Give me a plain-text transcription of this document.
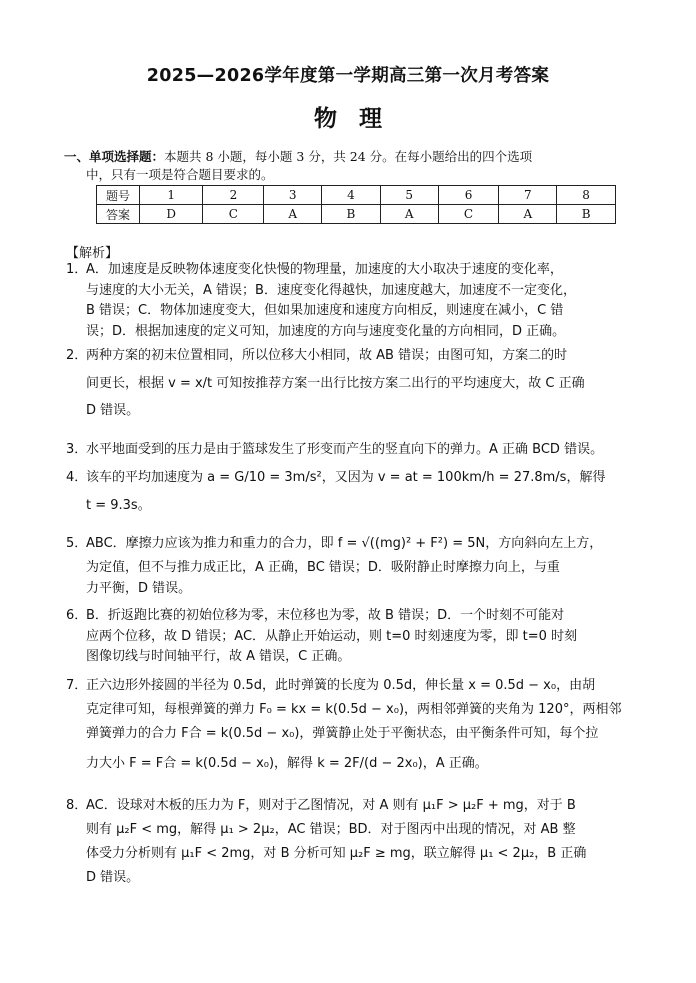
2025—2026学年度第一学期高三第一次月考答案
物理
一、单项选择题：本题共 8 小题，每小题 3 分，共 24 分。在每小题给出的四个选项
中，只有一项是符合题目要求的。
题号	1	2	3	4	5	6	7	8
答案	D	C	A	B	A	C	A	B
【解析】
1．A．加速度是反映物体速度变化快慢的物理量，加速度的大小取决于速度的变化率，
与速度的大小无关，A 错误；B．速度变化得越快，加速度越大，加速度不一定变化，
B 错误；C．物体加速度变大，但如果加速度和速度方向相反，则速度在减小，C 错
误；D．根据加速度的定义可知，加速度的方向与速度变化量的方向相同，D 正确。
2．两种方案的初末位置相同，所以位移大小相同，故 AB 错误；由图可知，方案二的时
间更长，根据 v = x/t 可知按推荐方案一出行比按方案二出行的平均速度大，故 C 正确
D 错误。
3．水平地面受到的压力是由于篮球发生了形变而产生的竖直向下的弹力。A 正确 BCD 错误。
4．该车的平均加速度为 a = G/10 = 3m/s²，又因为 v = at = 100km/h = 27.8m/s，解得
t = 9.3s。
5．ABC．摩擦力应该为推力和重力的合力，即 f = √((mg)² + F²) = 5N，方向斜向左上方，
为定值，但不与推力成正比，A 正确，BC 错误；D．吸附静止时摩擦力向上，与重
力平衡，D 错误。
6．B．折返跑比赛的初始位移为零，末位移也为零，故 B 错误；D．一个时刻不可能对
应两个位移，故 D 错误；AC．从静止开始运动，则 t=0 时刻速度为零，即 t=0 时刻
图像切线与时间轴平行，故 A 错误，C 正确。
7．正六边形外接圆的半径为 0.5d，此时弹簧的长度为 0.5d，伸长量 x = 0.5d − x₀，由胡
克定律可知，每根弹簧的弹力 F₀ = kx = k(0.5d − x₀)，两相邻弹簧的夹角为 120°，两相邻
弹簧弹力的合力 F合 = k(0.5d − x₀)，弹簧静止处于平衡状态，由平衡条件可知，每个拉
力大小 F = F合 = k(0.5d − x₀)，解得 k = 2F/(d − 2x₀)，A 正确。
8．AC．设球对木板的压力为 F，则对于乙图情况，对 A 则有 μ₁F > μ₂F + mg，对于 B
则有 μ₂F < mg，解得 μ₁ > 2μ₂，AC 错误；BD．对于图丙中出现的情况，对 AB 整
体受力分析则有 μ₁F < 2mg，对 B 分析可知 μ₂F ≥ mg，联立解得 μ₁ < 2μ₂，B 正确
D 错误。
